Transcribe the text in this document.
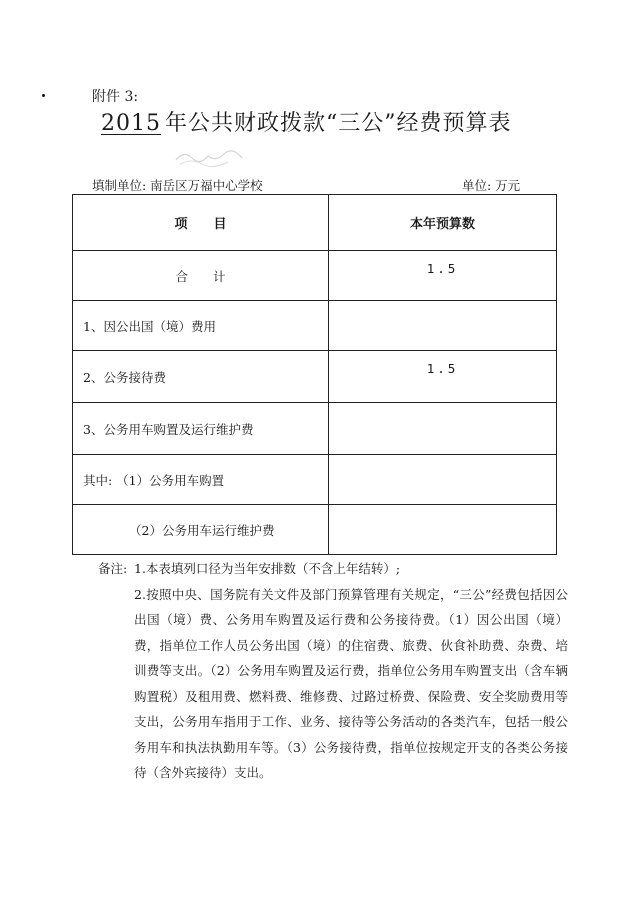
附件 3:
2015 年公共财政拨款“三公”经费预算表
填制单位: 南岳区万福中心学校	单位: 万元
项　　目	本年预算数
合　　计	1.5
1、因公出国（境）费用	
2、公务接待费	1.5
3、公务用车购置及运行维护费	
其中: （1）公务用车购置	
（2）公务用车运行维护费	
备注: 1.本表填列口径为当年安排数（不含上年结转）;
2.按照中央、国务院有关文件及部门预算管理有关规定，“三公”经费包括因公出国（境）费、公务用车购置及运行费和公务接待费。（1）因公出国（境）费，指单位工作人员公务出国（境）的住宿费、旅费、伙食补助费、杂费、培训费等支出。（2）公务用车购置及运行费，指单位公务用车购置支出（含车辆购置税）及租用费、燃料费、维修费、过路过桥费、保险费、安全奖励费用等支出，公务用车指用于工作、业务、接待等公务活动的各类汽车，包括一般公务用车和执法执勤用车等。（3）公务接待费，指单位按规定开支的各类公务接待（含外宾接待）支出。
